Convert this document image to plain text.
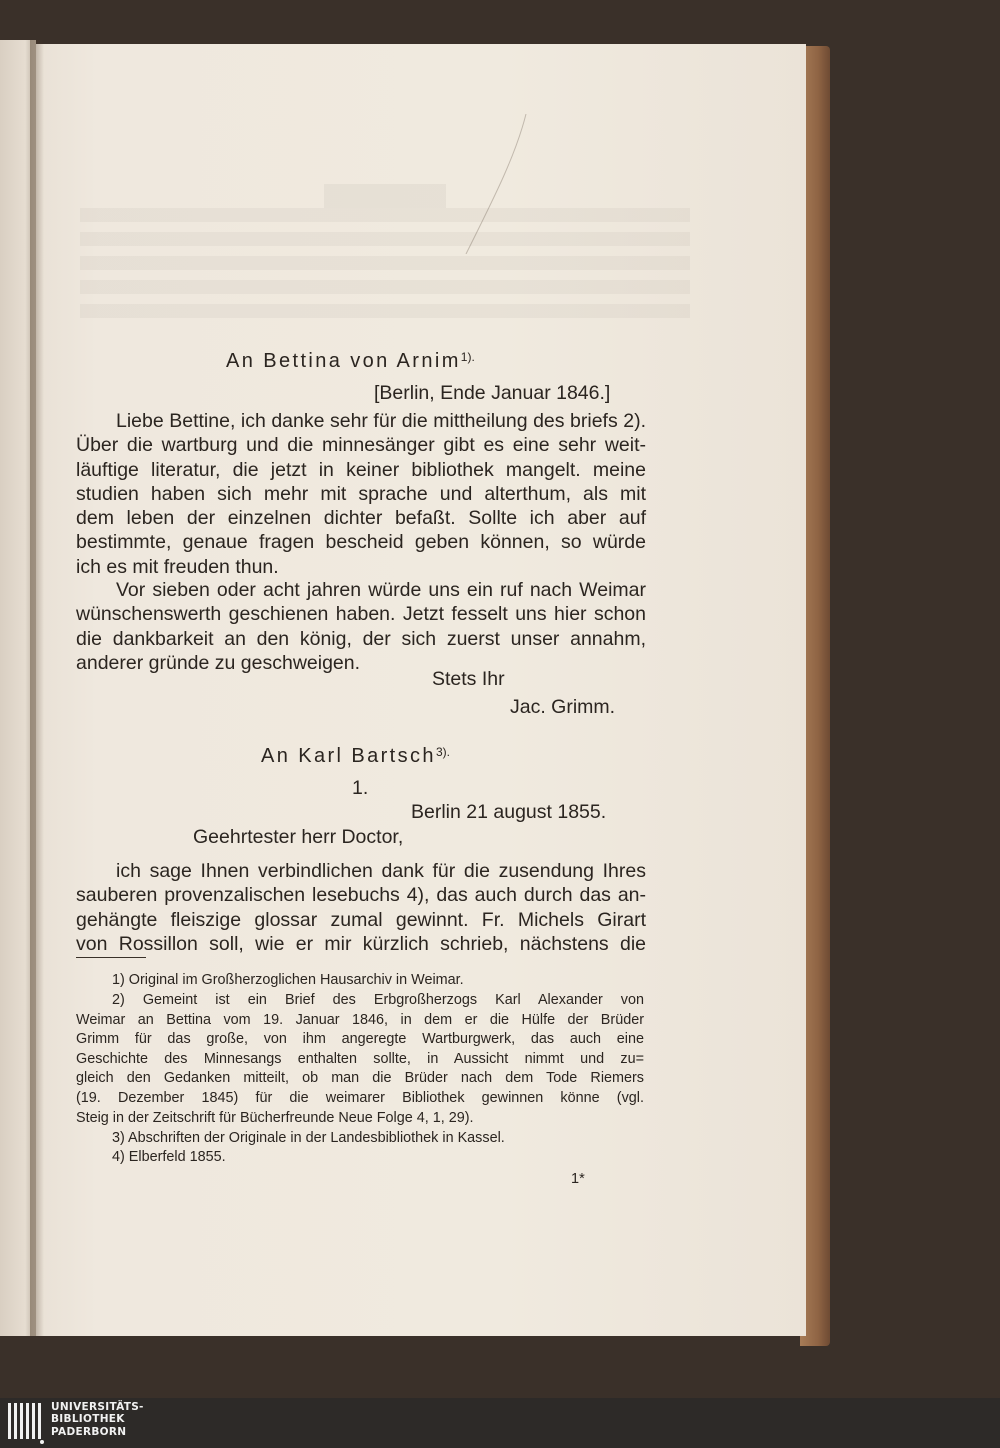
An Bettina von Arnim$^{1).}$
[Berlin, Ende Januar 1846.]
Liebe Bettine, ich danke sehr für die mittheilung des briefs 2).
Über die wartburg und die minnesänger gibt es eine sehr weit-
läuftige literatur, die jetzt in keiner bibliothek mangelt. meine
studien haben sich mehr mit sprache und alterthum, als mit
dem leben der einzelnen dichter befaßt. Sollte ich aber auf
bestimmte, genaue fragen bescheid geben können, so würde
ich es mit freuden thun.
Vor sieben oder acht jahren würde uns ein ruf nach Weimar
wünschenswerth geschienen haben. Jetzt fesselt uns hier schon
die dankbarkeit an den könig, der sich zuerst unser annahm,
anderer gründe zu geschweigen.
Stets Ihr
Jac. Grimm.
An Karl Bartsch$^{3).}$
1.
Berlin 21 august 1855.
Geehrtester herr Doctor,
ich sage Ihnen verbindlichen dank für die zusendung Ihres
sauberen provenzalischen lesebuchs 4), das auch durch das an-
gehängte fleiszige glossar zumal gewinnt. Fr. Michels Girart
von Rossillon soll, wie er mir kürzlich schrieb, nächstens die
1) Original im Großherzoglichen Hausarchiv in Weimar.
2) Gemeint ist ein Brief des Erbgroßherzogs Karl Alexander von
Weimar an Bettina vom 19. Januar 1846, in dem er die Hülfe der Brüder
Grimm für das große, von ihm angeregte Wartburgwerk, das auch eine
Geschichte des Minnesangs enthalten sollte, in Aussicht nimmt und zu=
gleich den Gedanken mitteilt, ob man die Brüder nach dem Tode Riemers
(19. Dezember 1845) für die weimarer Bibliothek gewinnen könne (vgl.
Steig in der Zeitschrift für Bücherfreunde Neue Folge 4, 1, 29).
3) Abschriften der Originale in der Landesbibliothek in Kassel.
4) Elberfeld 1855.
1*
UNIVERSITÄTS-
BIBLIOTHEK
PADERBORN
